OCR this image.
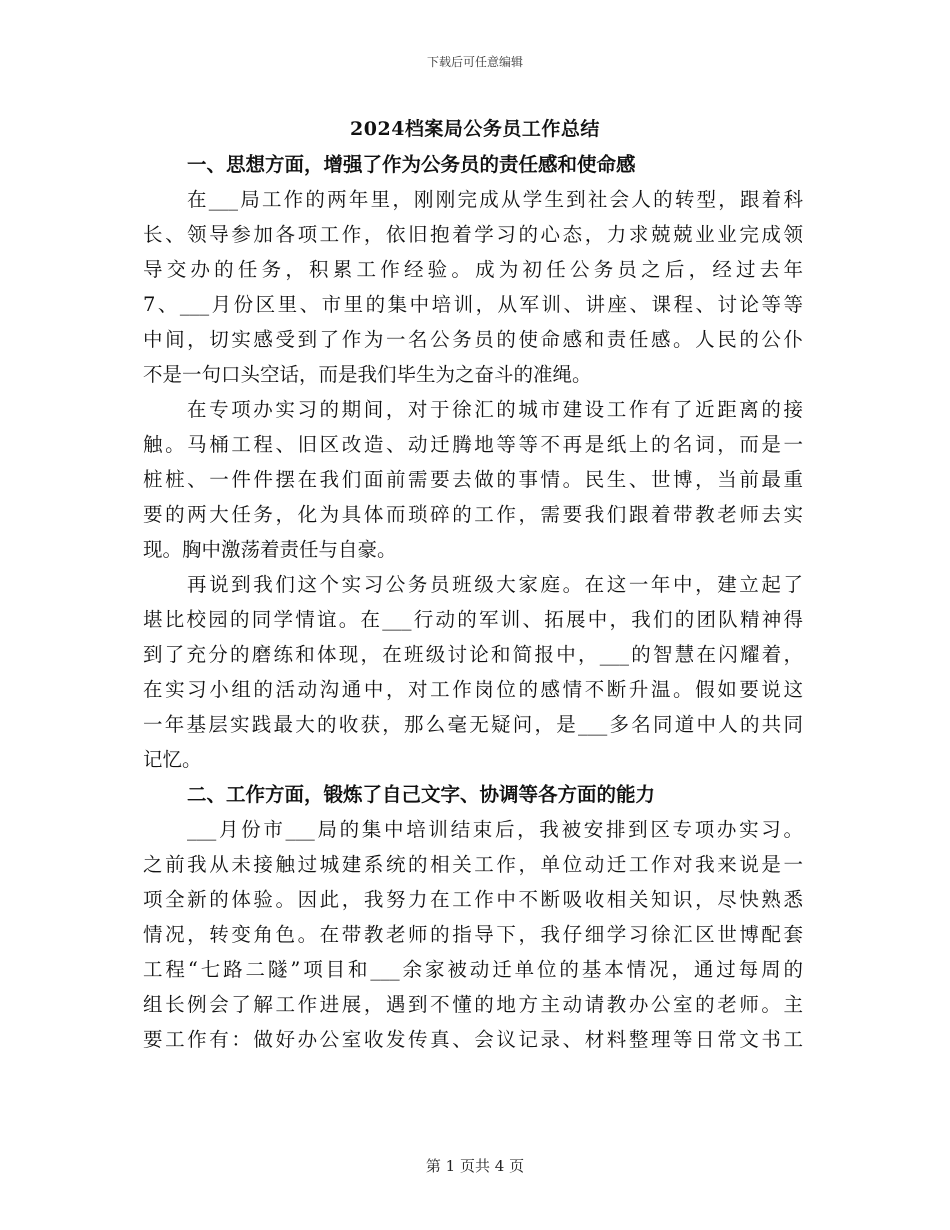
下载后可任意编辑
2024档案局公务员工作总结
一、思想方面，增强了作为公务员的责任感和使命感
在___局工作的两年里，刚刚完成从学生到社会人的转型，跟着科
长、领导参加各项工作，依旧抱着学习的心态，力求兢兢业业完成领
导交办的任务，积累工作经验。成为初任公务员之后，经过去年
7、___月份区里、市里的集中培训，从军训、讲座、课程、讨论等等
中间，切实感受到了作为一名公务员的使命感和责任感。人民的公仆
不是一句口头空话，而是我们毕生为之奋斗的准绳。
在专项办实习的期间，对于徐汇的城市建设工作有了近距离的接
触。马桶工程、旧区改造、动迁腾地等等不再是纸上的名词，而是一
桩桩、一件件摆在我们面前需要去做的事情。民生、世博，当前最重
要的两大任务，化为具体而琐碎的工作，需要我们跟着带教老师去实
现。胸中激荡着责任与自豪。
再说到我们这个实习公务员班级大家庭。在这一年中，建立起了
堪比校园的同学情谊。在___行动的军训、拓展中，我们的团队精神得
到了充分的磨练和体现，在班级讨论和简报中，___的智慧在闪耀着，
在实习小组的活动沟通中，对工作岗位的感情不断升温。假如要说这
一年基层实践最大的收获，那么毫无疑问，是___多名同道中人的共同
记忆。
二、工作方面，锻炼了自己文字、协调等各方面的能力
___月份市___局的集中培训结束后，我被安排到区专项办实习。
之前我从未接触过城建系统的相关工作，单位动迁工作对我来说是一
项全新的体验。因此，我努力在工作中不断吸收相关知识，尽快熟悉
情况，转变角色。在带教老师的指导下，我仔细学习徐汇区世博配套
工程“七路二隧”项目和___余家被动迁单位的基本情况，通过每周的
组长例会了解工作进展，遇到不懂的地方主动请教办公室的老师。主
要工作有：做好办公室收发传真、会议记录、材料整理等日常文书工
第 1 页共 4 页
